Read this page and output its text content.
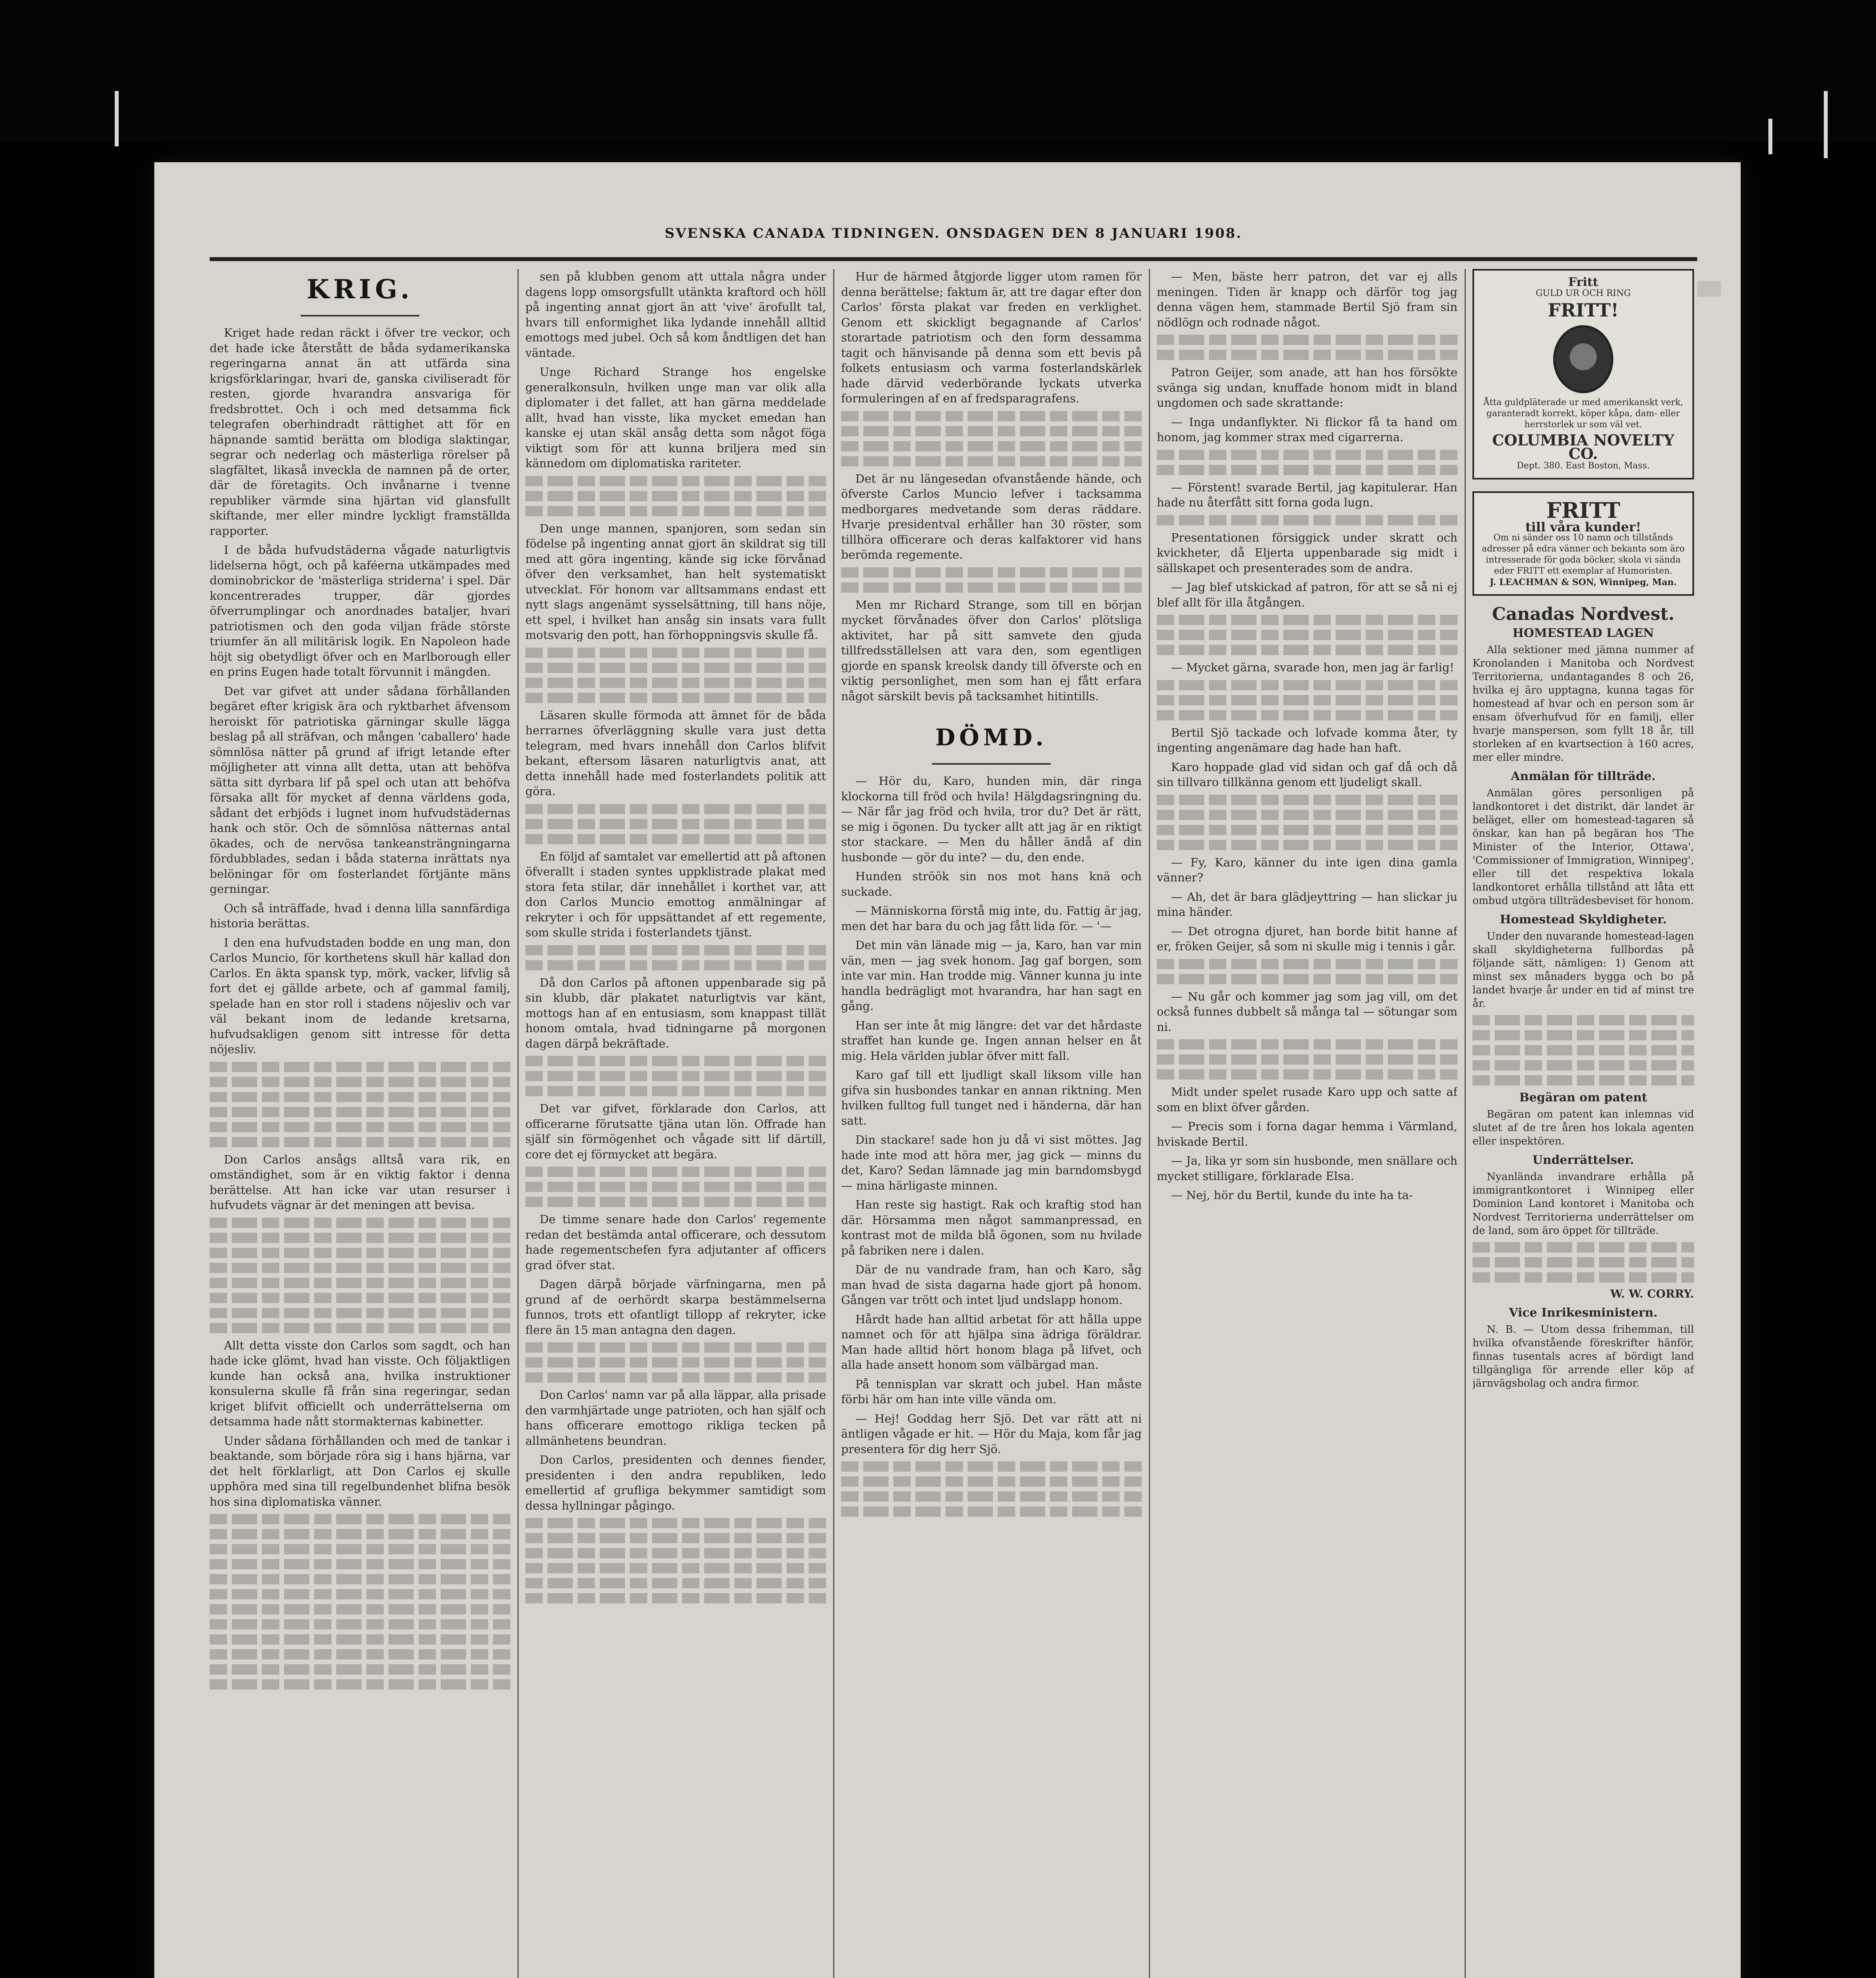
SVENSKA CANADA TIDNINGEN. ONSDAGEN DEN 8 JANUARI 1908.
KRIG.

Kriget hade redan räckt i öfver tre veckor, och det hade icke återstått de båda sydamerikanska regeringarna annat än att utfärda sina krigsförklaringar, hvari de, ganska civiliseradt för resten, gjorde hvarandra ansvariga för fredsbrottet. Och i och med detsamma fick telegrafen oberhindradt rättighet att för en häpnande samtid berätta om blodiga slaktingar, segrar och nederlag och mästerliga rörelser på slagfältet, likaså inveckla de namnen på de orter, där de företagits. Och invånarne i tvenne republiker värmde sina hjärtan vid glansfullt skiftande, mer eller mindre lyckligt framställda rapporter.

I de båda hufvudstäderna vågade naturligtvis lidelserna högt, och på kaféerna utkämpades med dominobrickor de 'mästerliga striderna' i spel. Där koncentrerades trupper, där gjordes öfverrumplingar och anordnades bataljer, hvari patriotismen och den goda viljan fräde störste triumfer än all militärisk logik. En Napoleon hade höjt sig obetydligt öfver och en Marlborough eller en prins Eugen hade totalt förvunnit i mängden.

Det var gifvet att under sådana förhållanden begäret efter krigisk ära och ryktbarhet äfvensom heroiskt för patriotiska gärningar skulle lägga beslag på all sträfvan, och mången 'caballero' hade sömnlösa nätter på grund af ifrigt letande efter möjligheter att vinna allt detta, utan att behöfva sätta sitt dyrbara lif på spel och utan att behöfva försaka allt för mycket af denna världens goda, sådant det erbjöds i lugnet inom hufvudstädernas hank och stör. Och de sömnlösa nätternas antal ökades, och de nervösa tankeansträngningarna fördubblades, sedan i båda staterna inrättats nya belöningar för om fosterlandet förtjänte mäns gerningar.

Och så inträffade, hvad i denna lilla sannfärdiga historia berättas.

I den ena hufvudstaden bodde en ung man, don Carlos Muncio, för korthetens skull här kallad don Carlos. En äkta spansk typ, mörk, vacker, lifvlig så fort det ej gällde arbete, och af gammal familj, spelade han en stor roll i stadens nöjesliv och var väl bekant inom de ledande kretsarna, hufvudsakligen genom sitt intresse för detta nöjesliv.

Don Carlos ansågs alltså vara rik, en omständighet, som är en viktig faktor i denna berättelse. Att han icke var utan resurser i hufvudets vägnar är det meningen att bevisa.

Allt detta visste don Carlos som sagdt, och han hade icke glömt, hvad han visste. Och följaktligen kunde han också ana, hvilka instruktioner konsulerna skulle få från sina regeringar, sedan kriget blifvit officiellt och underrättelserna om detsamma hade nått stormakternas kabinetter.

Under sådana förhållanden och med de tankar i beaktande, som började röra sig i hans hjärna, var det helt förklarligt, att Don Carlos ej skulle upphöra med sina till regelbundenhet blifna besök hos sina diplomatiska vänner.

sen på klubben genom att uttala några under dagens lopp omsorgsfullt utänkta kraftord och höll på ingenting annat gjort än att 'vive' ärofullt tal, hvars till enformighet lika lydande innehåll alltid emottogs med jubel. Och så kom åndtligen det han väntade.

Unge Richard Strange hos engelske generalkonsuln, hvilken unge man var olik alla diplomater i det fallet, att han gärna meddelade allt, hvad han visste, lika mycket emedan han kanske ej utan skäl ansåg detta som något föga viktigt som för att kunna briljera med sin kännedom om diplomatiska rariteter.

Den unge mannen, spanjoren, som sedan sin födelse på ingenting annat gjort än skildrat sig till med att göra ingenting, kände sig icke förvånad öfver den verksamhet, han helt systematiskt utvecklat. För honom var alltsammans endast ett nytt slags angenämt sysselsättning, till hans nöje, ett spel, i hvilket han ansåg sin insats vara fullt motsvarig den pott, han förhoppningsvis skulle få.

Läsaren skulle förmoda att ämnet för de båda herrarnes öfverläggning skulle vara just detta telegram, med hvars innehåll don Carlos blifvit bekant, eftersom läsaren naturligtvis anat, att detta innehåll hade med fosterlandets politik att göra.

En följd af samtalet var emellertid att på aftonen öfverallt i staden syntes uppklistrade plakat med stora feta stilar, där innehållet i korthet var, att don Carlos Muncio emottog anmälningar af rekryter i och för uppsättandet af ett regemente, som skulle strida i fosterlandets tjänst.

Då don Carlos på aftonen uppenbarade sig på sin klubb, där plakatet naturligtvis var känt, mottogs han af en entusiasm, som knappast tillät honom omtala, hvad tidningarne på morgonen dagen därpå bekräftade.

Det var gifvet, förklarade don Carlos, att officerarne förutsatte tjäna utan lön. Offrade han själf sin förmögenhet och vågade sitt lif därtill, core det ej förmycket att begära.

De timme senare hade don Carlos' regemente redan det bestämda antal officerare, och dessutom hade regementschefen fyra adjutanter af officers grad öfver stat.

Dagen därpå började värfningarna, men på grund af de oerhördt skarpa bestämmelserna funnos, trots ett ofantligt tillopp af rekryter, icke flere än 15 man antagna den dagen.

Don Carlos' namn var på alla läppar, alla prisade den varmhjärtade unge patrioten, och han själf och hans officerare emottogo rikliga tecken på allmänhetens beundran.

Don Carlos, presidenten och dennes fiender, presidenten i den andra republiken, ledo emellertid af grufliga bekymmer samtidigt som dessa hyllningar pågingo.

Hur de härmed åtgjorde ligger utom ramen för denna berättelse; faktum är, att tre dagar efter don Carlos' första plakat var freden en verklighet. Genom ett skickligt begagnande af Carlos' storartade patriotism och den form dessamma tagit och hänvisande på denna som ett bevis på folkets entusiasm och varma fosterlandskärlek hade därvid vederbörande lyckats utverka formuleringen af en af fredsparagrafens.

Det är nu längesedan ofvanstående hände, och öfverste Carlos Muncio lefver i tacksamma medborgares medvetande som deras räddare. Hvarje presidentval erhåller han 30 röster, som tillhöra officerare och deras kalfaktorer vid hans berömda regemente.

Men mr Richard Strange, som till en början mycket förvånades öfver don Carlos' plötsliga aktivitet, har på sitt samvete den gjuda tillfredsställelsen att vara den, som egentligen gjorde en spansk kreolsk dandy till öfverste och en viktig personlighet, men som han ej fått erfara något särskilt bevis på tacksamhet hitintills.

DÖMD.

— Hör du, Karo, hunden min, där ringa klockorna till fröd och hvila! Hälgdagsringning du. — När får jag fröd och hvila, tror du? Det är rätt, se mig i ögonen. Du tycker allt att jag är en riktigt stor stackare. — Men du håller ändå af din husbonde — gör du inte? — du, den ende.

Hunden ströök sin nos mot hans knä och suckade.

— Människorna förstå mig inte, du. Fattig är jag, men det har bara du och jag fått lida för. — '—

Det min vän länade mig — ja, Karo, han var min vän, men — jag svek honom. Jag gaf borgen, som inte var min. Han trodde mig. Vänner kunna ju inte handla bedrägligt mot hvarandra, har han sagt en gång.

Han ser inte åt mig längre: det var det hårdaste straffet han kunde ge. Ingen annan helser en åt mig. Hela världen jublar öfver mitt fall.

Karo gaf till ett ljudligt skall liksom ville han gifva sin husbondes tankar en annan riktning. Men hvilken fulltog full tunget ned i händerna, där han satt.

Din stackare! sade hon ju då vi sist möttes. Jag hade inte mod att höra mer, jag gick — minns du det, Karo? Sedan lämnade jag min barndomsbygd — mina härligaste minnen.

Han reste sig hastigt. Rak och kraftig stod han där. Hörsamma men något sammanpressad, en kontrast mot de milda blå ögonen, som nu hvilade på fabriken nere i dalen.

Där de nu vandrade fram, han och Karo, såg man hvad de sista dagarna hade gjort på honom. Gången var trött och intet ljud undslapp honom.

Hårdt hade han alltid arbetat för att hålla uppe namnet och för att hjälpa sina ädriga föräldrar. Man hade alltid hört honom blaga på lifvet, och alla hade ansett honom som välbärgad man.

På tennisplan var skratt och jubel. Han måste förbi här om han inte ville vända om.

— Hej! Goddag herr Sjö. Det var rätt att ni äntligen vågade er hit. — Hör du Maja, kom får jag presentera för dig herr Sjö.

— Men, bäste herr patron, det var ej alls meningen. Tiden är knapp och därför tog jag denna vägen hem, stammade Bertil Sjö fram sin nödlögn och rodnade något.

Patron Geijer, som anade, att han hos försökte svänga sig undan, knuffade honom midt in bland ungdomen och sade skrattande:

— Inga undanflykter. Ni flickor få ta hand om honom, jag kommer strax med cigarrerna.

— Förstent! svarade Bertil, jag kapitulerar. Han hade nu återfått sitt forna goda lugn.

Presentationen försiggick under skratt och kvickheter, då Eljerta uppenbarade sig midt i sällskapet och presenterades som de andra.

— Jag blef utskickad af patron, för att se så ni ej blef allt för illa åtgången.

— Mycket gärna, svarade hon, men jag är farlig!

Bertil Sjö tackade och lofvade komma åter, ty ingenting angenämare dag hade han haft.

Karo hoppade glad vid sidan och gaf då och då sin tillvaro tillkänna genom ett ljudeligt skall.

— Fy, Karo, känner du inte igen dina gamla vänner?

— Ah, det är bara glädjeyttring — han slickar ju mina händer.

— Det otrogna djuret, han borde bitit hanne af er, fröken Geijer, så som ni skulle mig i tennis i går.

— Nu går och kommer jag som jag vill, om det också funnes dubbelt så många tal — sötungar som ni.

Midt under spelet rusade Karo upp och satte af som en blixt öfver gården.

— Precis som i forna dagar hemma i Värmland, hviskade Bertil.

— Ja, lika yr som sin husbonde, men snällare och mycket stilligare, förklarade Elsa.

— Nej, hör du Bertil, kunde du inte ha ta-

Fritt
GULD UR OCH RING
FRITT!
Åtta guldpläterade ur med amerikanskt verk, garanteradt korrekt, köper kåpa, dam- eller herrstorlek ur som väl vet.
COLUMBIA NOVELTY CO.
Dept. 380. East Boston, Mass.
FRITT
till våra kunder!
Om ni sänder oss 10 namn och tillstånds adresser på edra vänner och bekanta som äro intresserade för goda böcker, skola vi sända eder FRITT ett exemplar af Humoristen.
J. LEACHMAN & SON, Winnipeg, Man.
Canadas Nordvest.
HOMESTEAD LAGEN

Alla sektioner med jämna nummer af Kronolanden i Manitoba och Nordvest Territorierna, undantagandes 8 och 26, hvilka ej äro upptagna, kunna tagas för homestead af hvar och en person som är ensam öfverhufvud för en familj, eller hvarje mansperson, som fyllt 18 år, till storleken af en kvartsection à 160 acres, mer eller mindre.

Anmälan för tillträde.

Anmälan göres personligen på landkontoret i det distrikt, där landet är beläget, eller om homestead-tagaren så önskar, kan han på begäran hos 'The Minister of the Interior, Ottawa', 'Commissioner of Immigration, Winnipeg', eller till det respektiva lokala landkontoret erhålla tillstånd att låta ett ombud utgöra tillträdesbeviset för honom.

Homestead Skyldigheter.

Under den nuvarande homestead-lagen skall skyldigheterna fullbordas på följande sätt, nämligen: 1) Genom att minst sex månaders bygga och bo på landet hvarje år under en tid af minst tre år.

Begäran om patent

Begäran om patent kan inlemnas vid slutet af de tre åren hos lokala agenten eller inspektören.

Underrättelser.

Nyanlända invandrare erhålla på immigrantkontoret i Winnipeg eller Dominion Land kontoret i Manitoba och Nordvest Territorierna underrättelser om de land, som äro öppet för tillträde.

W. W. CORRY.
Vice Inrikesministern.

N. B. — Utom dessa frihemman, till hvilka ofvanstående föreskrifter hänför, finnas tusentals acres af bördigt land tillgängliga för arrende eller köp af järnvägsbolag och andra firmor.
